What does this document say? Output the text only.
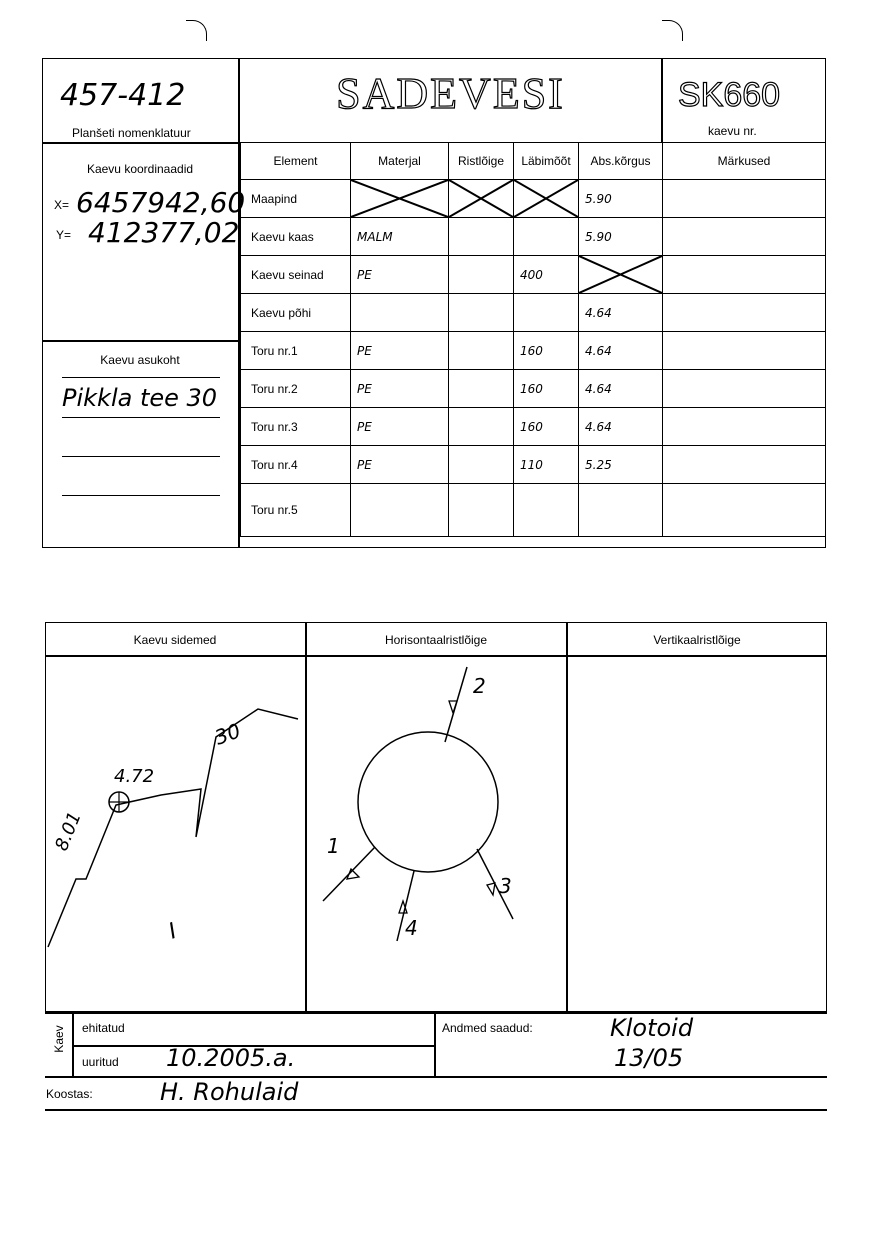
457-412
Planšeti nomenklatuur
SADEVESI	SK660
kaevu nr.
Kaevu koordinaadid
X= 6457942,60
Y= 412377,02
Kaevu asukoht
Pikkla tee 30
Element	Materjal	Ristlõige	Läbimõõt	Abs.kõrgus	Märkused
Maapind				5.90	
Kaevu kaas	MALM			5.90	
Kaevu seinad	PE		400	

Kaevu põhi				4.64	
Toru nr.1	PE		160	4.64	
Toru nr.2	PE		160	4.64	
Toru nr.3	PE		160	4.64	
Toru nr.4	PE		110	5.25	
Toru nr.5					
Kaevu sidemed	Horisontaalristlõige	Vertikaalristlõige
8.01
4.72
30
I
2
1
4
3
Kaev ehitatud
uuritud 10.2005.a.
Andmed saadud:	Klotoid
13/05
Koostas:	H. Rohulaid
